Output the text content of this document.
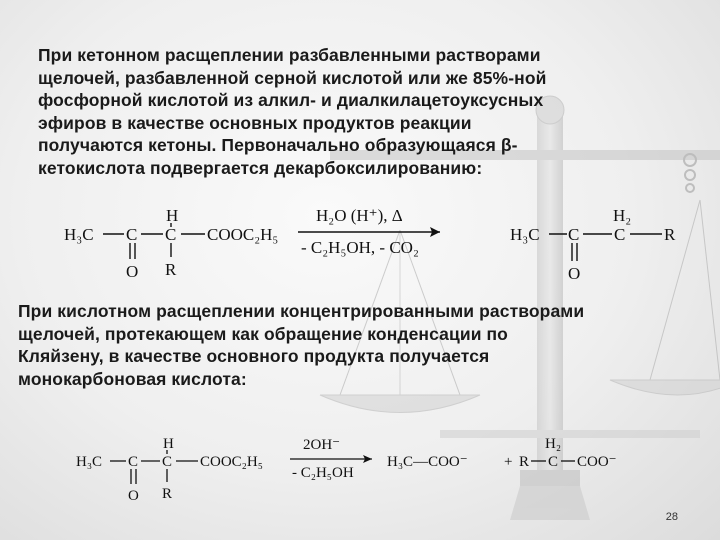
При кетонном расщеплении разбавленными растворами
щелочей, разбавленной серной кислотой или же 85%-ной
фосфорной кислотой из алкил- и диалкилацетоуксусных
эфиров в качестве основных продуктов реакции
получаются кетоны. Первоначально образующаяся β-
кетокислота подвергается декарбоксилированию:
H₃C C C COOC₂H₅
H
O R
H₂O (H⁺), Δ
- C₂H₅OH, - CO₂
H₃C C C R
H₂
O
При кислотном расщеплении концентрированными растворами
щелочей, протекающем как обращение конденсации по
Кляйзену, в качестве основного продукта получается
монокарбоновая кислота:
H₃C C C COOC₂H₅
H
O R
2OH⁻
- C₂H₅OH
H₃C—COO⁻ + R C
H₂
COO⁻
28
